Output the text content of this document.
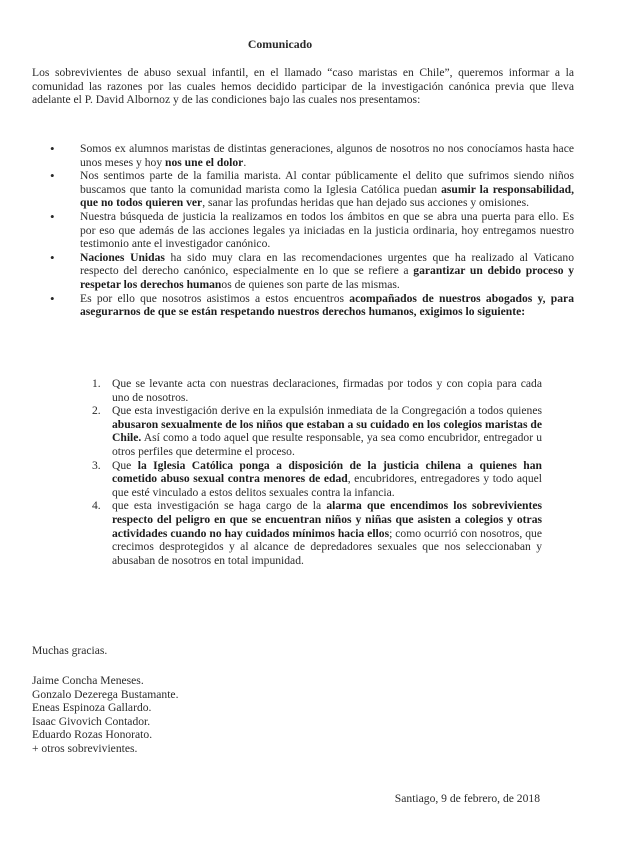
Comunicado
Los sobrevivientes de abuso sexual infantil, en el llamado “caso maristas en Chile”, queremos informar a la comunidad las razones por las cuales hemos decidido participar de la investigación canónica previa que lleva adelante el P. David Albornoz y de las condiciones bajo las cuales nos presentamos:
• Somos ex alumnos maristas de distintas generaciones, algunos de nosotros no nos conocíamos hasta hace unos meses y hoy nos une el dolor.
• Nos sentimos parte de la familia marista. Al contar públicamente el delito que sufrimos siendo niños buscamos que tanto la comunidad marista como la Iglesia Católica puedan asumir la responsabilidad, que no todos quieren ver, sanar las profundas heridas que han dejado sus acciones y omisiones.
• Nuestra búsqueda de justicia la realizamos en todos los ámbitos en que se abra una puerta para ello. Es por eso que además de las acciones legales ya iniciadas en la justicia ordinaria, hoy entregamos nuestro testimonio ante el investigador canónico.
• Naciones Unidas ha sido muy clara en las recomendaciones urgentes que ha realizado al Vaticano respecto del derecho canónico, especialmente en lo que se refiere a garantizar un debido proceso y respetar los derechos humanos de quienes son parte de las mismas.
• Es por ello que nosotros asistimos a estos encuentros acompañados de nuestros abogados y, para asegurarnos de que se están respetando nuestros derechos humanos, exigimos lo siguiente:
1. Que se levante acta con nuestras declaraciones, firmadas por todos y con copia para cada uno de nosotros.
2. Que esta investigación derive en la expulsión inmediata de la Congregación a todos quienes abusaron sexualmente de los niños que estaban a su cuidado en los colegios maristas de Chile. Así como a todo aquel que resulte responsable, ya sea como encubridor, entregador u otros perfiles que determine el proceso.
3. Que la Iglesia Católica ponga a disposición de la justicia chilena a quienes han cometido abuso sexual contra menores de edad, encubridores, entregadores y todo aquel que esté vinculado a estos delitos sexuales contra la infancia.
4. que esta investigación se haga cargo de la alarma que encendimos los sobrevivientes respecto del peligro en que se encuentran niños y niñas que asisten a colegios y otras actividades cuando no hay cuidados mínimos hacia ellos; como ocurrió con nosotros, que crecimos desprotegidos y al alcance de depredadores sexuales que nos seleccionaban y abusaban de nosotros en total impunidad.
Muchas gracias.
Jaime Concha Meneses.
Gonzalo Dezerega Bustamante.
Eneas Espinoza Gallardo.
Isaac Givovich Contador.
Eduardo Rozas Honorato.
+ otros sobrevivientes.
Santiago, 9 de febrero, de 2018
